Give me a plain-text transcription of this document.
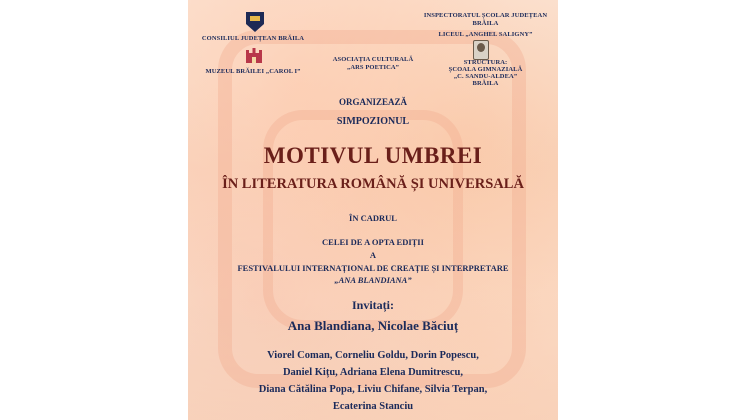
CONSILIUL JUDEȚEAN BRĂILA
MUZEUL BRĂILEI „CAROL I”
ASOCIAȚIA CULTURALĂ
„ARS POETICA”
INSPECTORATUL ȘCOLAR JUDEȚEAN
BRĂILA
LICEUL „ANGHEL SALIGNY”
STRUCTURA:
ȘCOALA GIMNAZIALĂ
„C. SANDU-ALDEA”
BRĂILA
ORGANIZEAZĂ
SIMPOZIONUL
MOTIVUL UMBREI
ÎN LITERATURA ROMÂNĂ ȘI UNIVERSALĂ
ÎN CADRUL
CELEI DE A OPTA EDIȚII
A
FESTIVALULUI INTERNAȚIONAL DE CREAȚIE ȘI INTERPRETARE
„ANA BLANDIANA”
Invitați:
Ana Blandiana, Nicolae Băciuț
Viorel Coman, Corneliu Goldu, Dorin Popescu,
Daniel Kițu, Adriana Elena Dumitrescu,
Diana Cătălina Popa, Liviu Chifane, Silvia Terpan,
Ecaterina Stanciu
